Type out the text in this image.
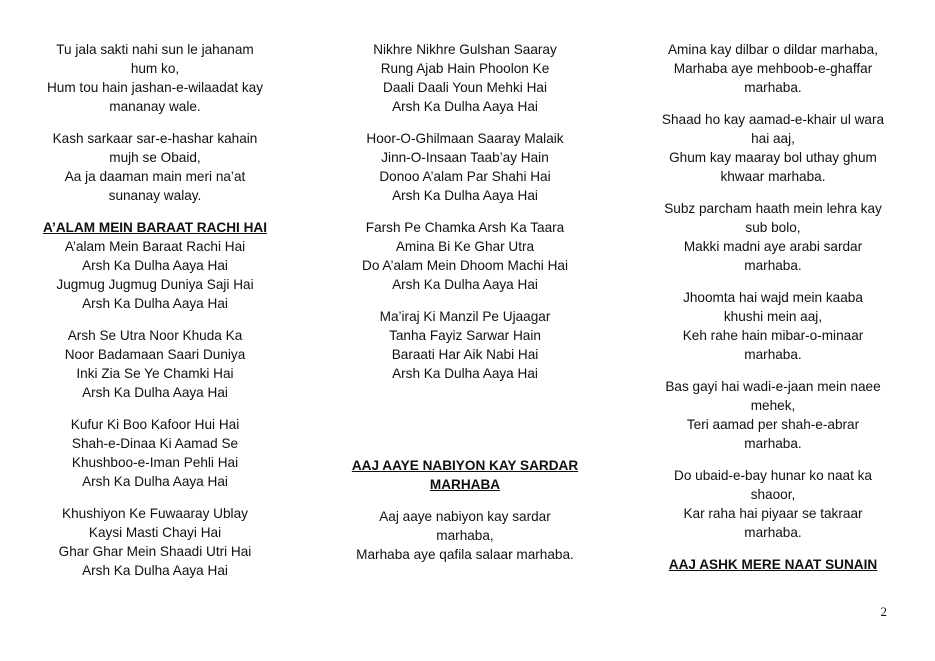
Tu jala sakti nahi sun le jahanam
hum ko,
Hum tou hain jashan-e-wilaadat kay
mananay wale.
Kash sarkaar sar-e-hashar kahain
mujh se Obaid,
Aa ja daaman main meri na’at
sunanay walay.
A’ALAM MEIN BARAAT RACHI HAI
A’alam Mein Baraat Rachi Hai
Arsh Ka Dulha Aaya Hai
Jugmug Jugmug Duniya Saji Hai
Arsh Ka Dulha Aaya Hai
Arsh Se Utra Noor Khuda Ka
Noor Badamaan Saari Duniya
Inki Zia Se Ye Chamki Hai
Arsh Ka Dulha Aaya Hai
Kufur Ki Boo Kafoor Hui Hai
Shah-e-Dinaa Ki Aamad Se
Khushboo-e-Iman Pehli Hai
Arsh Ka Dulha Aaya Hai
Khushiyon Ke Fuwaaray Ublay
Kaysi Masti Chayi Hai
Ghar Ghar Mein Shaadi Utri Hai
Arsh Ka Dulha Aaya Hai
Nikhre Nikhre Gulshan Saaray
Rung Ajab Hain Phoolon Ke
Daali Daali Youn Mehki Hai
Arsh Ka Dulha Aaya Hai
Hoor-O-Ghilmaan Saaray Malaik
Jinn-O-Insaan Taab’ay Hain
Donoo A’alam Par Shahi Hai
Arsh Ka Dulha Aaya Hai
Farsh Pe Chamka Arsh Ka Taara
Amina Bi Ke Ghar Utra
Do A’alam Mein Dhoom Machi Hai
Arsh Ka Dulha Aaya Hai
Ma’iraj Ki Manzil Pe Ujaagar
Tanha Fayiz Sarwar Hain
Baraati Har Aik Nabi Hai
Arsh Ka Dulha Aaya Hai
AAJ AAYE NABIYON KAY SARDAR
MARHABA
Aaj aaye nabiyon kay sardar
marhaba,
Marhaba aye qafila salaar marhaba.
Amina kay dilbar o dildar marhaba,
Marhaba aye mehboob-e-ghaffar
marhaba.
Shaad ho kay aamad-e-khair ul wara
hai aaj,
Ghum kay maaray bol uthay ghum
khwaar marhaba.
Subz parcham haath mein lehra kay
sub bolo,
Makki madni aye arabi sardar
marhaba.
Jhoomta hai wajd mein kaaba
khushi mein aaj,
Keh rahe hain mibar-o-minaar
marhaba.
Bas gayi hai wadi-e-jaan mein naee
mehek,
Teri aamad per shah-e-abrar
marhaba.
Do ubaid-e-bay hunar ko naat ka
shaoor,
Kar raha hai piyaar se takraar
marhaba.
AAJ ASHK MERE NAAT SUNAIN
2
